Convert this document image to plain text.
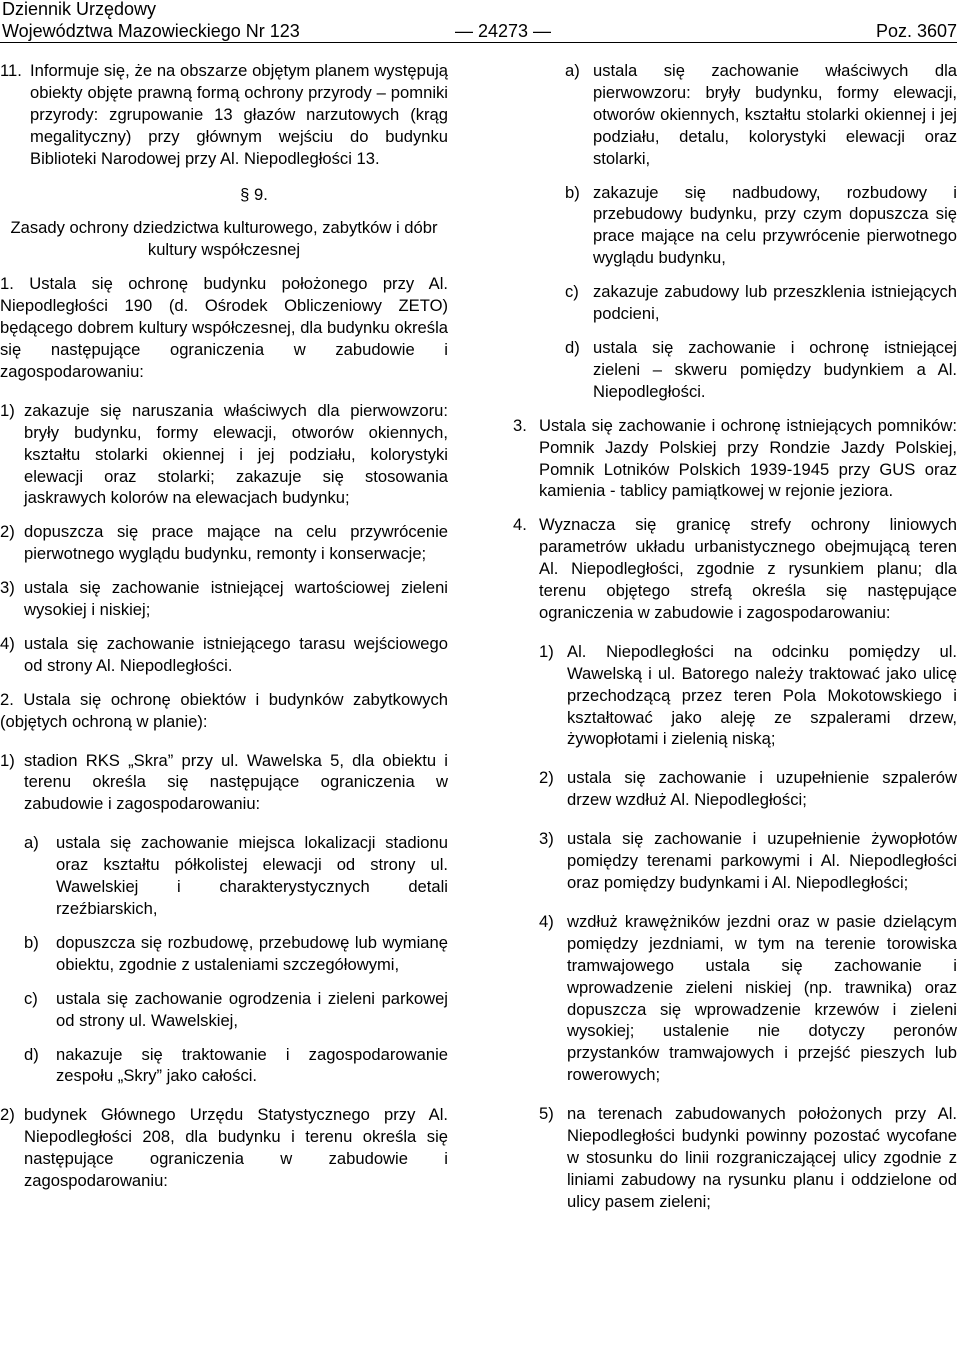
Dziennik Urzędowy
Województwa Mazowieckiego Nr 123	— 24273 —	Poz. 3607
11. Informuje się, że na obszarze objętym planem występują obiekty objęte prawną formą ochrony przyrody – pomniki przyrody: zgrupowanie 13 głazów narzutowych (krąg megalityczny) przy głównym wejściu do budynku Biblioteki Narodowej przy Al. Niepodległości 13.

§ 9.

Zasady ochrony dziedzictwa kulturowego, zabytków i dóbr kultury współczesnej

1. Ustala się ochronę budynku położonego przy Al. Niepodległości 190 (d. Ośrodek Obliczeniowy ZETO) będącego dobrem kultury współczesnej, dla budynku określa się następujące ograniczenia w zabudowie i zagospodarowaniu:

1) zakazuje się naruszania właściwych dla pierwowzoru: bryły budynku, formy elewacji, otworów okiennych, kształtu stolarki okiennej i jej podziału, kolorystyki elewacji oraz stolarki; zakazuje się stosowania jaskrawych kolorów na elewacjach budynku;
2) dopuszcza się prace mające na celu przywrócenie pierwotnego wyglądu budynku, remonty i konserwacje;
3) ustala się zachowanie istniejącej wartościowej zieleni wysokiej i niskiej;
4) ustala się zachowanie istniejącego tarasu wejściowego od strony Al. Niepodległości.

2. Ustala się ochronę obiektów i budynków zabytkowych (objętych ochroną w planie):

1) stadion RKS „Skra” przy ul. Wawelska 5, dla obiektu i terenu określa się następujące ograniczenia w zabudowie i zagospodarowaniu:
a)	ustala się zachowanie miejsca lokalizacji stadionu oraz kształtu półkolistej elewacji od strony ul. Wawelskiej i charakterystycznych detali rzeźbiarskich,
b)	dopuszcza się rozbudowę, przebudowę lub wymianę obiektu, zgodnie z ustaleniami szczegółowymi,
c)	ustala się zachowanie ogrodzenia i zieleni parkowej od strony ul. Wawelskiej,
d)	nakazuje się traktowanie i zagospodarowanie zespołu „Skry” jako całości.
2) budynek Głównego Urzędu Statystycznego przy Al. Niepodległości 208, dla budynku i terenu określa się następujące ograniczenia w zabudowie i zagospodarowaniu:
a) ustala się zachowanie właściwych dla pierwowzoru: bryły budynku, formy elewacji, otworów okiennych, kształtu stolarki okiennej i jej podziału, detalu, kolorystyki elewacji oraz stolarki,
b) zakazuje się nadbudowy, rozbudowy i przebudowy budynku, przy czym dopuszcza się prace mające na celu przywrócenie pierwotnego wyglądu budynku,
c) zakazuje zabudowy lub przeszklenia istniejących podcieni,
d) ustala się zachowanie i ochronę istniejącej zieleni – skweru pomiędzy budynkiem a Al. Niepodległości.
3. Ustala się zachowanie i ochronę istniejących pomników: Pomnik Jazdy Polskiej przy Rondzie Jazdy Polskiej, Pomnik Lotników Polskich 1939-1945 przy GUS oraz kamienia - tablicy pamiątkowej w rejonie jeziora.
4. Wyznacza się granicę strefy ochrony liniowych parametrów układu urbanistycznego obejmującą teren Al. Niepodległości, zgodnie z rysunkiem planu; dla terenu objętego strefą określa się następujące ograniczenia w zabudowie i zagospodarowaniu:
1) Al. Niepodległości na odcinku pomiędzy ul. Wawelską i ul. Batorego należy traktować jako ulicę przechodzącą przez teren Pola Mokotowskiego i kształtować jako aleję ze szpalerami drzew, żywopłotami i zielenią niską;
2) ustala się zachowanie i uzupełnienie szpalerów drzew wzdłuż Al. Niepodległości;
3) ustala się zachowanie i uzupełnienie żywopłotów pomiędzy terenami parkowymi i Al. Niepodległości oraz pomiędzy budynkami i Al. Niepodległości;
4) wzdłuż krawężników jezdni oraz w pasie dzielącym pomiędzy jezdniami, w tym na terenie torowiska tramwajowego ustala się zachowanie i wprowadzenie zieleni niskiej (np. trawnika) oraz dopuszcza się wprowadzenie krzewów i zieleni wysokiej; ustalenie nie dotyczy peronów przystanków tramwajowych i przejść pieszych lub rowerowych;
5) na terenach zabudowanych położonych przy Al. Niepodległości budynki powinny pozostać wycofane w stosunku do linii rozgraniczającej ulicy zgodnie z liniami zabudowy na rysunku planu i oddzielone od ulicy pasem zieleni;
